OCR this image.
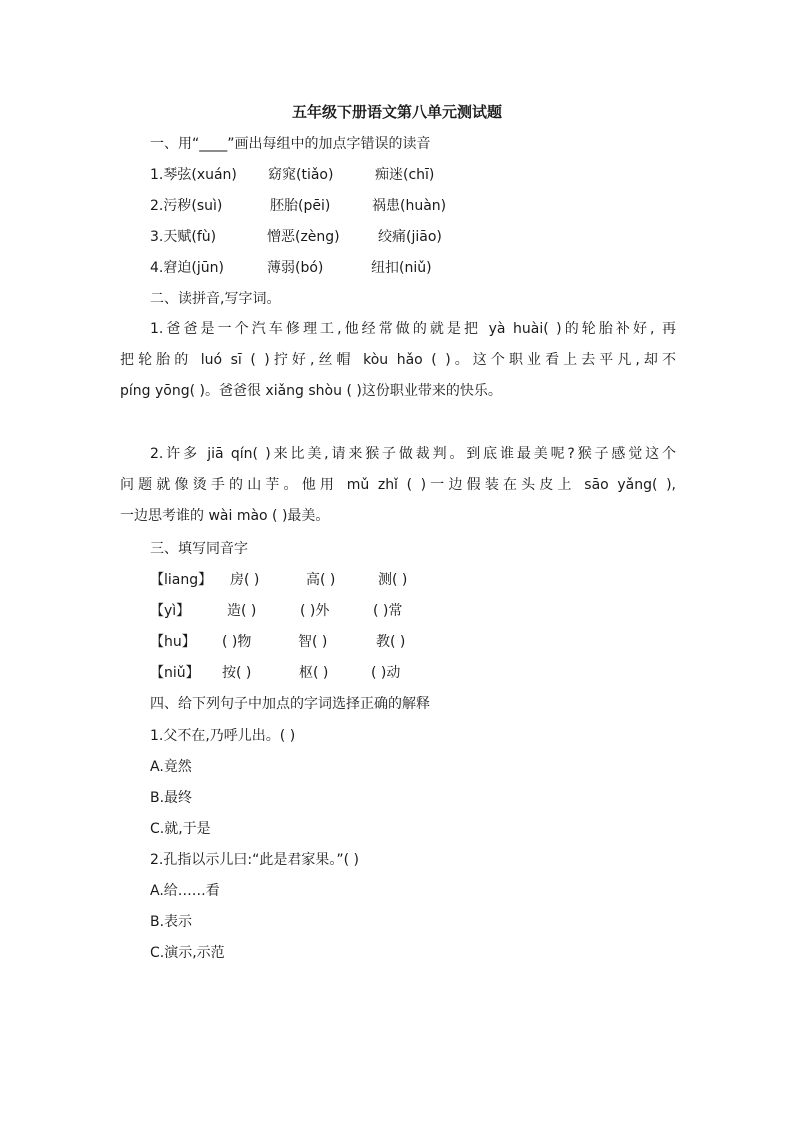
五年级下册语文第八单元测试题
一、用“____”画出每组中的加点字错误的读音
1.琴弦(xuán) 窈窕(tiǎo)	痴迷(chī)
2.污秽(suì)	胚胎(pēi)	祸患(huàn)
3.天赋(fù)	憎恶(zèng)	绞痛(jiāo)
4.窘迫(jūn)	薄弱(bó)	纽扣(niǔ)
二、读拼音,写字词。
1.爸爸是一个汽车修理工,他经常做的就是把 yà huài( )的轮胎补好, 再
把轮胎的 luó sī ( )拧好,丝帽 kòu hǎo ( )。这个职业看上去平凡,却不
píng yōng( )。爸爸很 xiǎng shòu ( )这份职业带来的快乐。
2.许多 jiā qín( )来比美,请来猴子做裁判。到底谁最美呢?猴子感觉这个
问题就像烫手的山芋。他用 mǔ zhǐ ( )一边假装在头皮上 sāo yǎng( ),
一边思考谁的 wài mào ( )最美。
三、填写同音字
【liang】 房( )	高( )	测( )
【yì】	造( )	( )外	( )常
【hu】 ( )物	智( )	教( )
【niǔ】 按( )	枢( )	( )动
四、给下列句子中加点的字词选择正确的解释
1.父不在,乃呼儿出。( )
A.竟然
B.最终
C.就,于是
2.孔指以示儿曰:“此是君家果。”( )
A.给……看
B.表示
C.演示,示范
